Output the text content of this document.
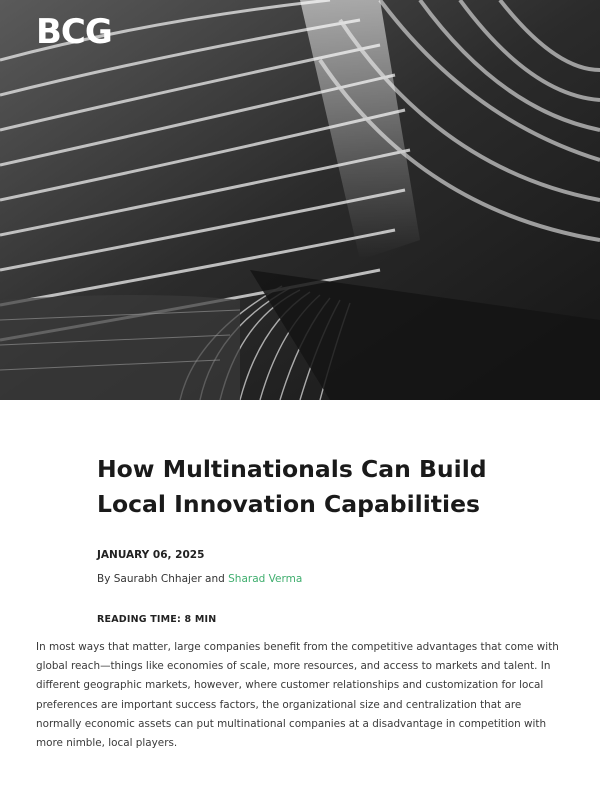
BCG
How Multinationals Can Build Local Innovation Capabilities
JANUARY 06, 2025
By Saurabh Chhajer and Sharad Verma
READING TIME: 8 MIN

In most ways that matter, large companies benefit from the competitive advantages that come with global reach—things like economies of scale, more resources, and access to markets and talent. In different geographic markets, however, where customer relationships and customization for local preferences are important success factors, the organizational size and centralization that are normally economic assets can put multinational companies at a disadvantage in competition with more nimble, local players.
